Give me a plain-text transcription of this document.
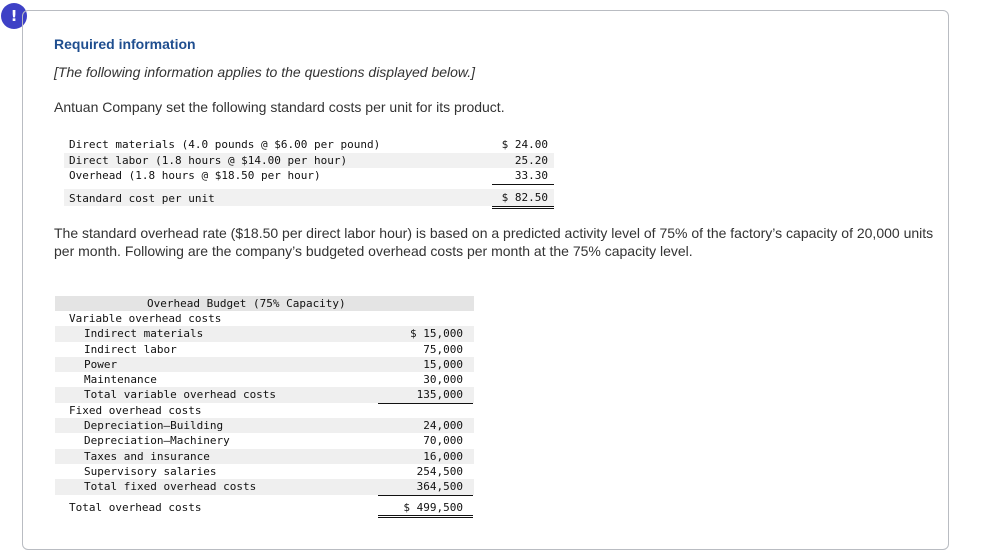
!
Required information

[The following information applies to the questions displayed below.]

Antuan Company set the following standard costs per unit for its product.

Direct materials (4.0 pounds @ $6.00 per pound)	$ 24.00
Direct labor (1.8 hours @ $14.00 per hour)	25.20
Overhead (1.8 hours @ $18.50 per hour)	33.30
Standard cost per unit	$ 82.50

The standard overhead rate ($18.50 per direct labor hour) is based on a predicted activity level of 75% of the factory’s capacity of 20,000 units per month. Following are the company’s budgeted overhead costs per month at the 75% capacity level.

Overhead Budget (75% Capacity)
Variable overhead costs
Indirect materials	$ 15,000
Indirect labor	75,000
Power	15,000
Maintenance	30,000
Total variable overhead costs	135,000
Fixed overhead costs
Depreciation—Building	24,000
Depreciation—Machinery	70,000
Taxes and insurance	16,000
Supervisory salaries	254,500
Total fixed overhead costs	364,500
Total overhead costs	$ 499,500
